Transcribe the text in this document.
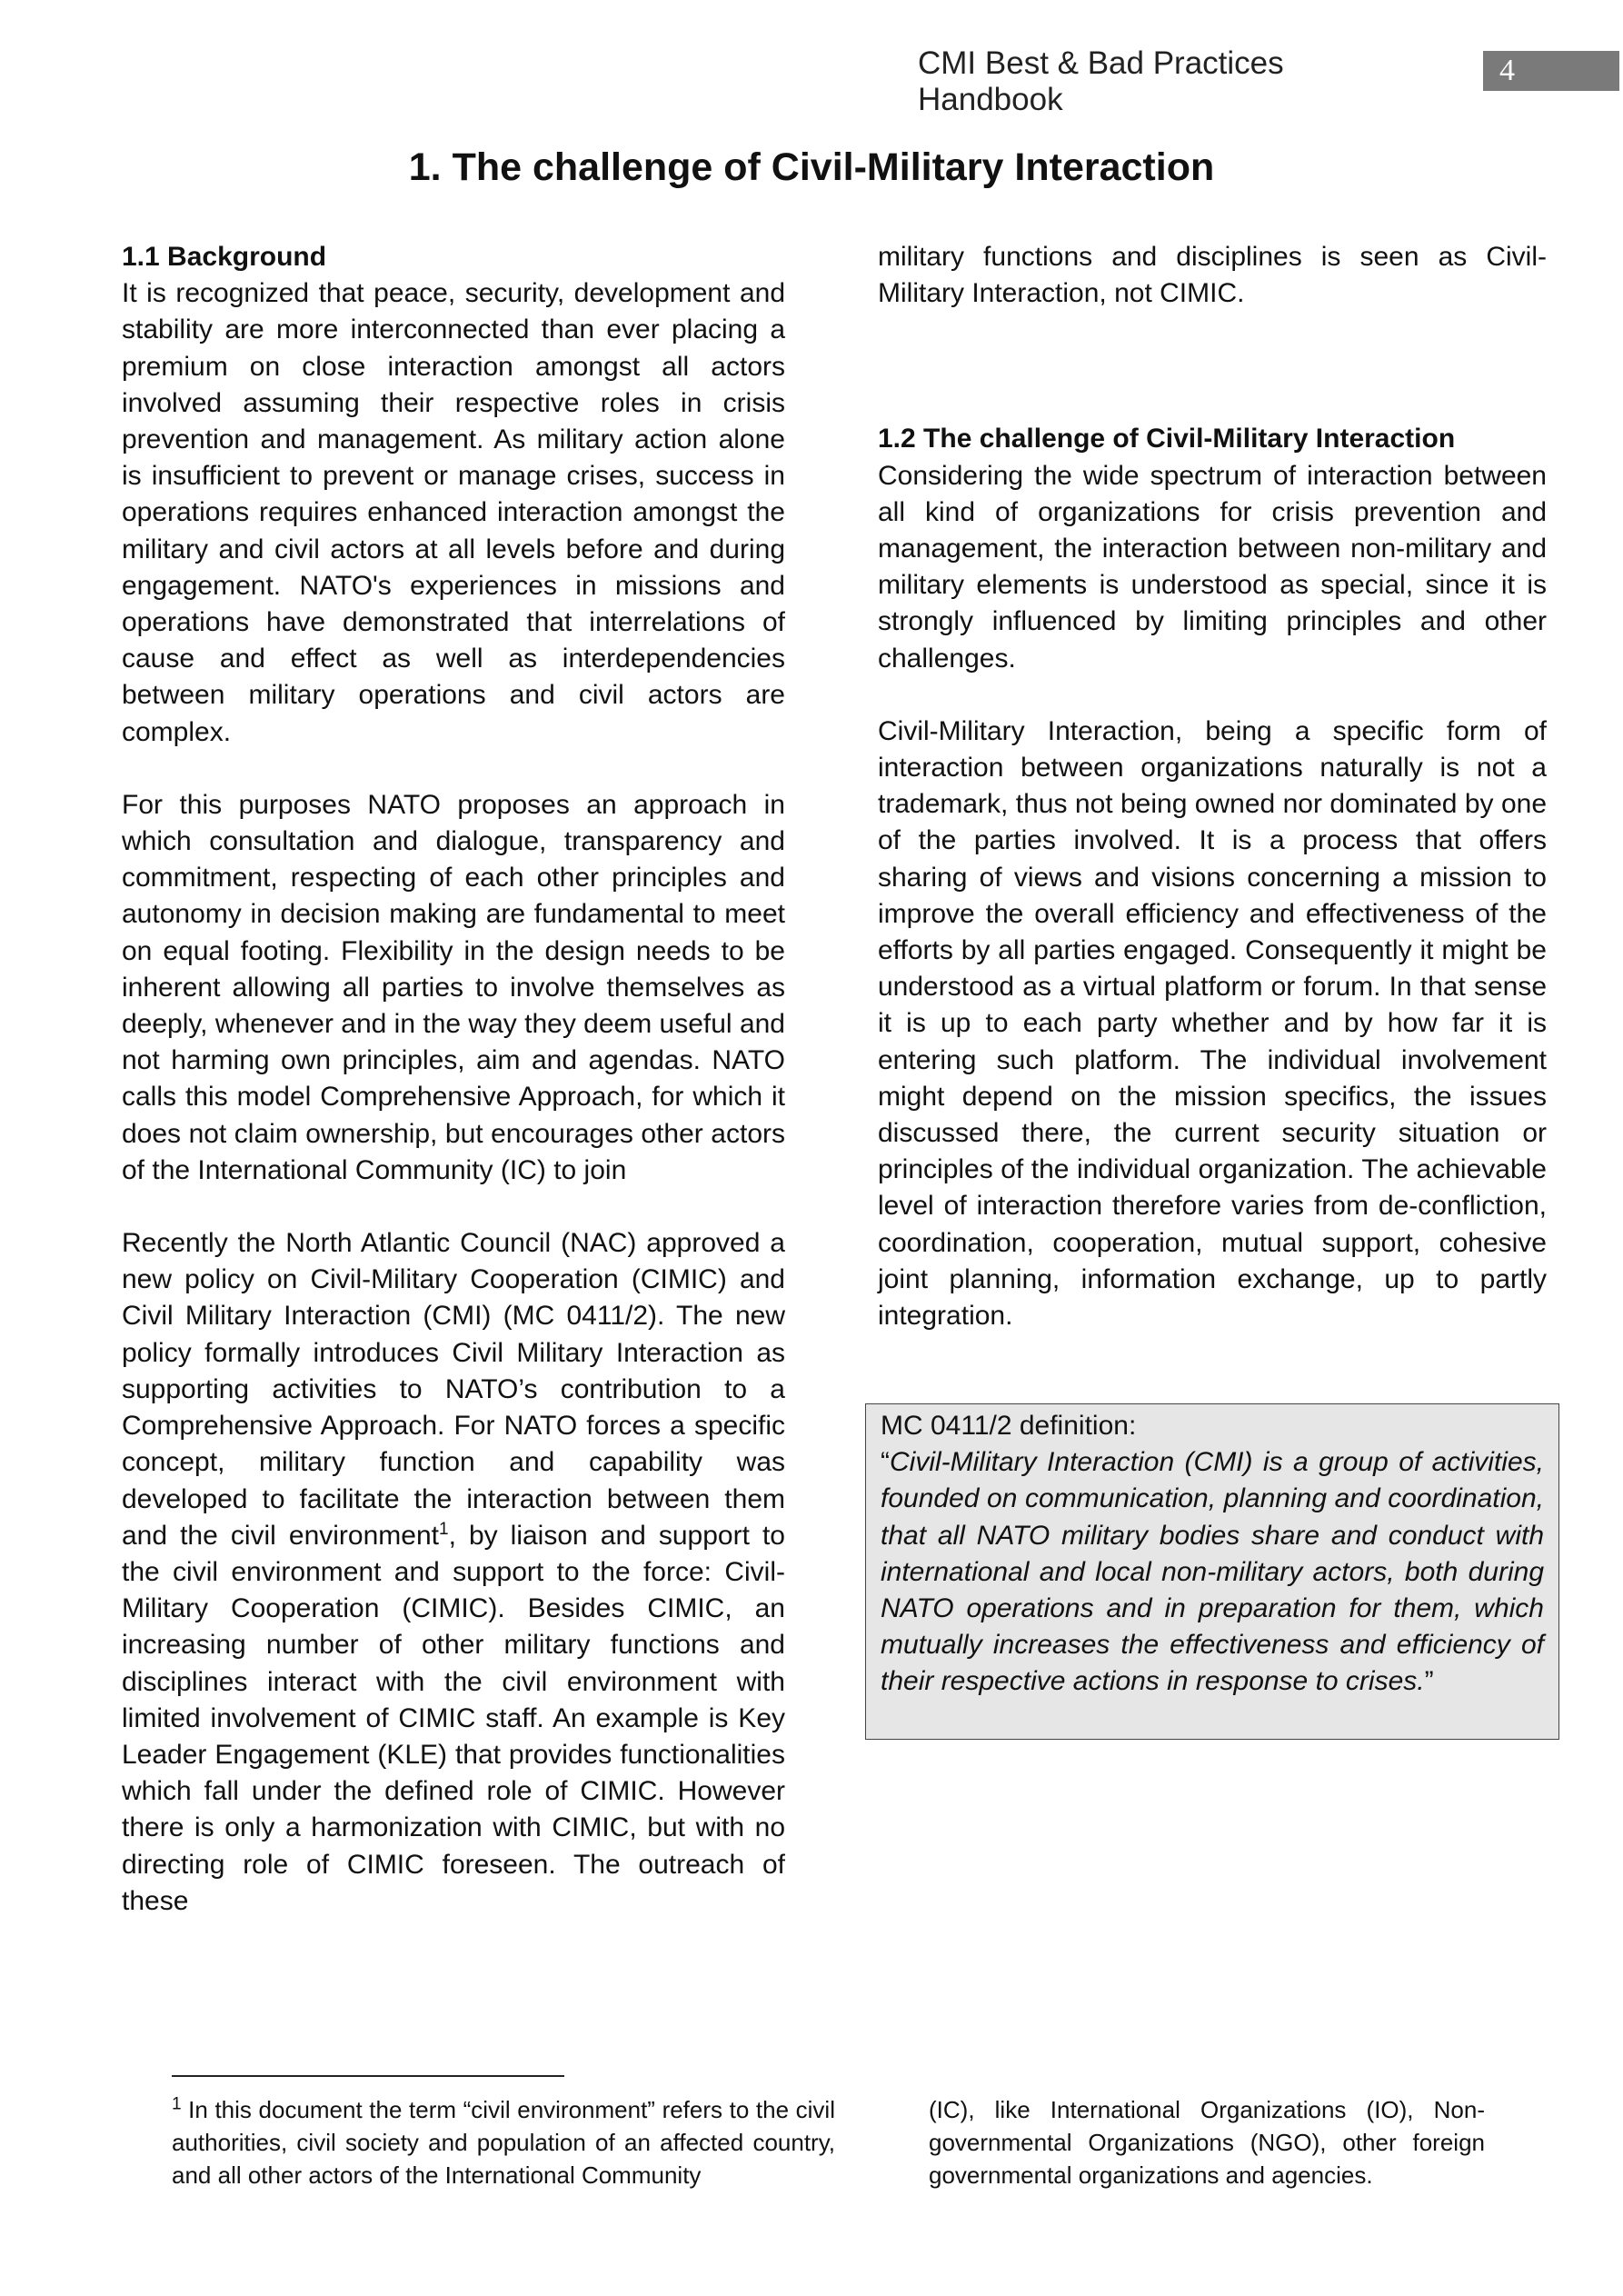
CMI Best & Bad Practices Handbook
4
1. The challenge of Civil-Military Interaction
1.1 Background

It is recognized that peace, security, development and stability are more interconnected than ever placing a premium on close interaction amongst all actors involved assuming their respective roles in crisis prevention and management. As military action alone is insufficient to prevent or manage crises, success in operations requires enhanced interaction amongst the military and civil actors at all levels before and during engagement. NATO's experiences in missions and operations have demonstrated that interrelations of cause and effect as well as interdependencies between military operations and civil actors are complex.

For this purposes NATO proposes an approach in which consultation and dialogue, transparency and commitment, respecting of each other principles and autonomy in decision making are fundamental to meet on equal footing. Flexibility in the design needs to be inherent allowing all parties to involve themselves as deeply, whenever and in the way they deem useful and not harming own principles, aim and agendas. NATO calls this model Comprehensive Approach, for which it does not claim ownership, but encourages other actors of the International Community (IC) to join

Recently the North Atlantic Council (NAC) approved a new policy on Civil-Military Cooperation (CIMIC) and Civil Military Interaction (CMI) (MC 0411/2). The new policy formally introduces Civil Military Interaction as supporting activities to NATO’s contribution to a Comprehensive Approach. For NATO forces a specific concept, military function and capability was developed to facilitate the interaction between them and the civil environment$^1$, by liaison and support to the civil environment and support to the force: Civil-Military Cooperation (CIMIC). Besides CIMIC, an increasing number of other military functions and disciplines interact with the civil environment with limited involvement of CIMIC staff. An example is Key Leader Engagement (KLE) that provides functionalities which fall under the defined role of CIMIC. However there is only a harmonization with CIMIC, but with no directing role of CIMIC foreseen. The outreach of these

military functions and disciplines is seen as Civil-Military Interaction, not CIMIC.

1.2 The challenge of Civil-Military Interaction

Considering the wide spectrum of interaction between all kind of organizations for crisis prevention and management, the interaction between non-military and military elements is understood as special, since it is strongly influenced by limiting principles and other challenges.

Civil-Military Interaction, being a specific form of interaction between organizations naturally is not a trademark, thus not being owned nor dominated by one of the parties involved. It is a process that offers sharing of views and visions concerning a mission to improve the overall efficiency and effectiveness of the efforts by all parties engaged. Consequently it might be understood as a virtual platform or forum. In that sense it is up to each party whether and by how far it is entering such platform. The individual involvement might depend on the mission specifics, the issues discussed there, the current security situation or principles of the individual organization. The achievable level of interaction therefore varies from de-confliction, coordination, cooperation, mutual support, cohesive joint planning, information exchange, up to partly integration.

MC 0411/2 definition:
“Civil-Military Interaction (CMI) is a group of activities, founded on communication, planning and coordination, that all NATO military bodies share and conduct with international and local non-military actors, both during NATO operations and in preparation for them, which mutually increases the effectiveness and efficiency of their respective actions in response to crises.”
$^1$ In this document the term “civil environment” refers to the civil authorities, civil society and population of an affected country, and all other actors of the International Community
(IC), like International Organizations (IO), Non-governmental Organizations (NGO), other foreign governmental organizations and agencies.
